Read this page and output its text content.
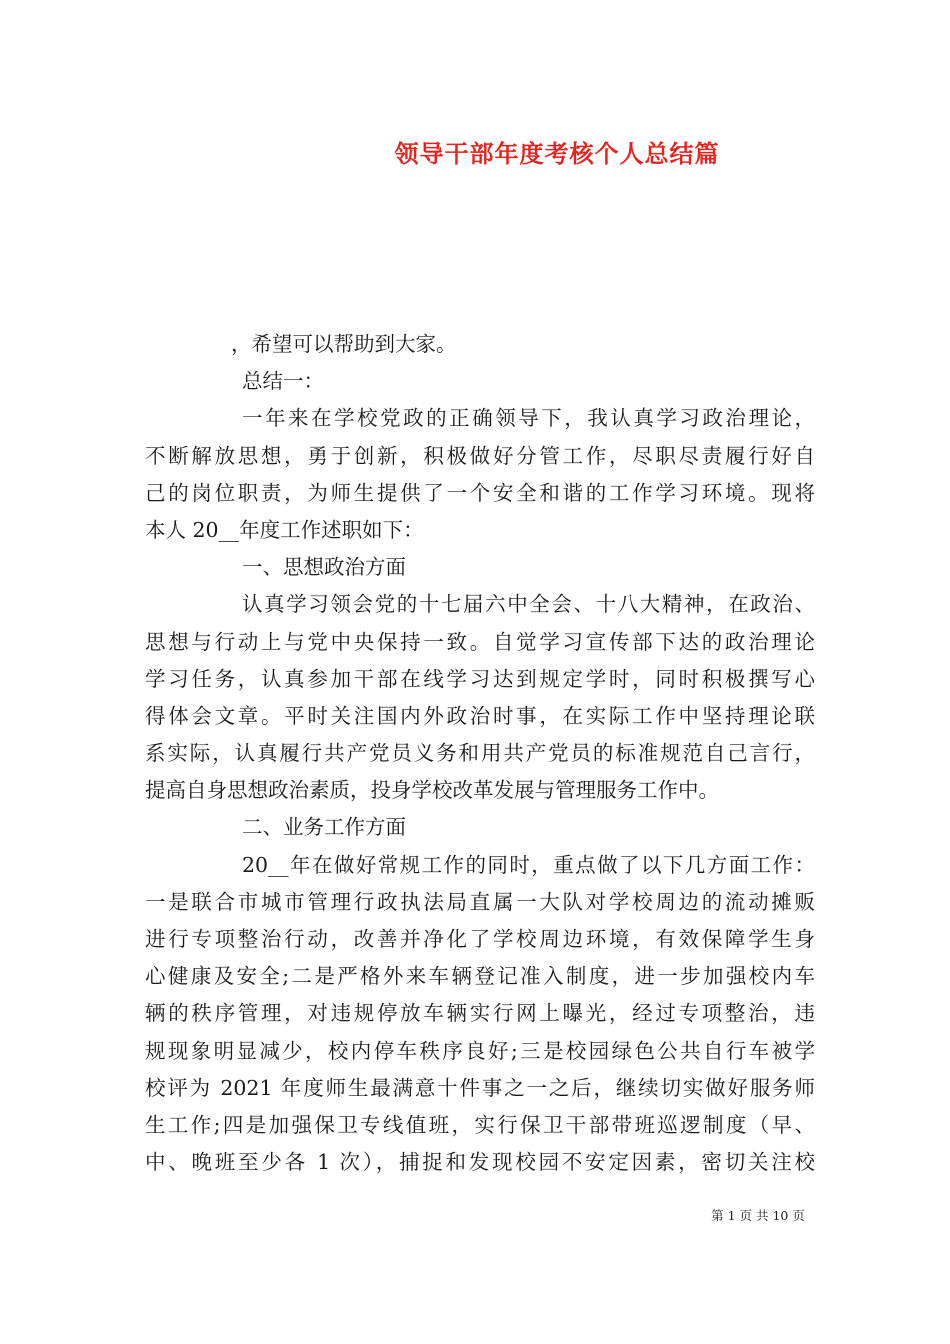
领导干部年度考核个人总结篇
，希望可以帮助到大家。
总结一：
一年来在学校党政的正确领导下，我认真学习政治理论，
不断解放思想，勇于创新，积极做好分管工作，尽职尽责履行好自
己的岗位职责，为师生提供了一个安全和谐的工作学习环境。现将
本人 20__年度工作述职如下：
一、思想政治方面
认真学习领会党的十七届六中全会、十八大精神，在政治、
思想与行动上与党中央保持一致。自觉学习宣传部下达的政治理论
学习任务，认真参加干部在线学习达到规定学时，同时积极撰写心
得体会文章。平时关注国内外政治时事，在实际工作中坚持理论联
系实际，认真履行共产党员义务和用共产党员的标准规范自己言行，
提高自身思想政治素质，投身学校改革发展与管理服务工作中。
二、业务工作方面
20__年在做好常规工作的同时，重点做了以下几方面工作：
一是联合市城市管理行政执法局直属一大队对学校周边的流动摊贩
进行专项整治行动，改善并净化了学校周边环境，有效保障学生身
心健康及安全;二是严格外来车辆登记准入制度，进一步加强校内车
辆的秩序管理，对违规停放车辆实行网上曝光，经过专项整治，违
规现象明显减少，校内停车秩序良好;三是校园绿色公共自行车被学
校评为 2021 年度师生最满意十件事之一之后，继续切实做好服务师
生工作;四是加强保卫专线值班，实行保卫干部带班巡逻制度（早、
中、晚班至少各 1 次），捕捉和发现校园不安定因素，密切关注校
第 1 页 共 10 页
